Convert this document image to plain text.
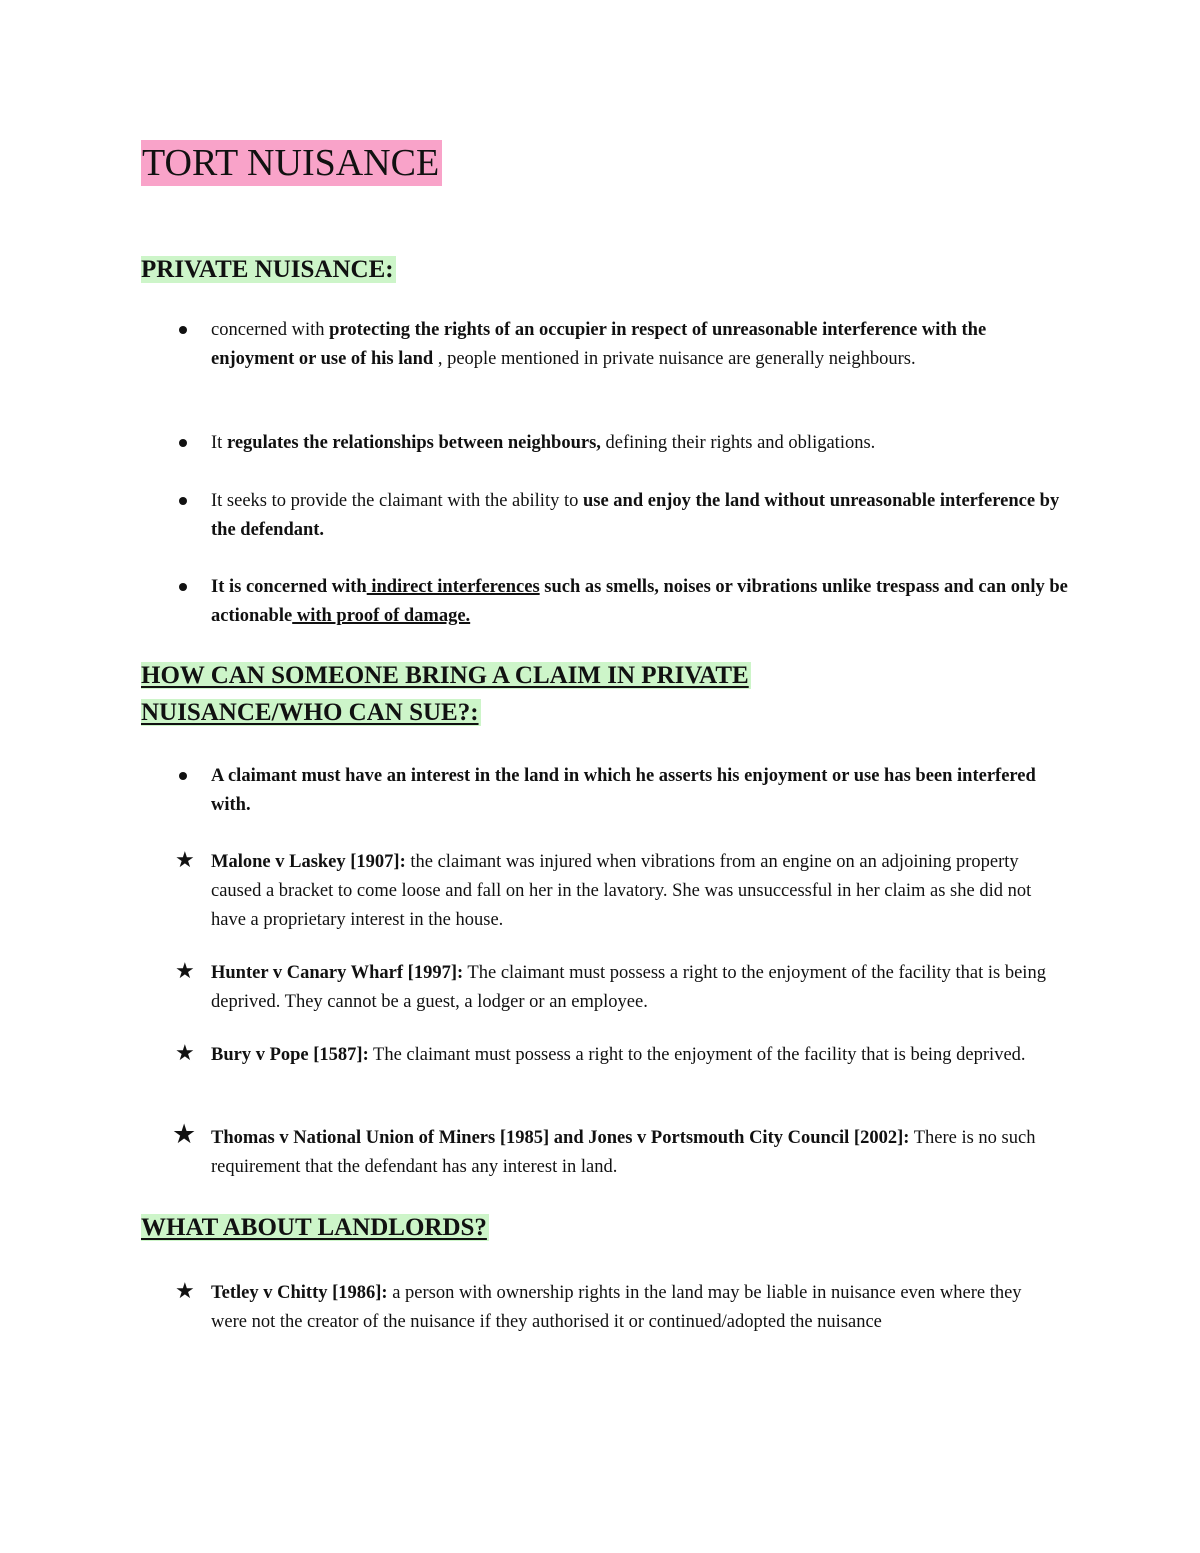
TORT NUISANCE
PRIVATE NUISANCE:
concerned with protecting the rights of an occupier in respect of unreasonable interference with the enjoyment or use of his land , people mentioned in private nuisance are generally neighbours.
It regulates the relationships between neighbours, defining their rights and obligations.
It seeks to provide the claimant with the ability to use and enjoy the land without unreasonable interference by the defendant.
It is concerned with indirect interferences such as smells, noises or vibrations unlike trespass and can only be actionable with proof of damage.
HOW CAN SOMEONE BRING A CLAIM IN PRIVATE
NUISANCE/WHO CAN SUE?:
A claimant must have an interest in the land in which he asserts his enjoyment or use has been interfered with.
★ Malone v Laskey [1907]: the claimant was injured when vibrations from an engine on an adjoining property caused a bracket to come loose and fall on her in the lavatory. She was unsuccessful in her claim as she did not have a proprietary interest in the house.
★ Hunter v Canary Wharf [1997]: The claimant must possess a right to the enjoyment of the facility that is being deprived. They cannot be a guest, a lodger or an employee.
★ Bury v Pope [1587]: The claimant must possess a right to the enjoyment of the facility that is being deprived.
★ Thomas v National Union of Miners [1985] and Jones v Portsmouth City Council [2002]: There is no such requirement that the defendant has any interest in land.
WHAT ABOUT LANDLORDS?
★ Tetley v Chitty [1986]: a person with ownership rights in the land may be liable in nuisance even where they were not the creator of the nuisance if they authorised it or continued/adopted the nuisance
